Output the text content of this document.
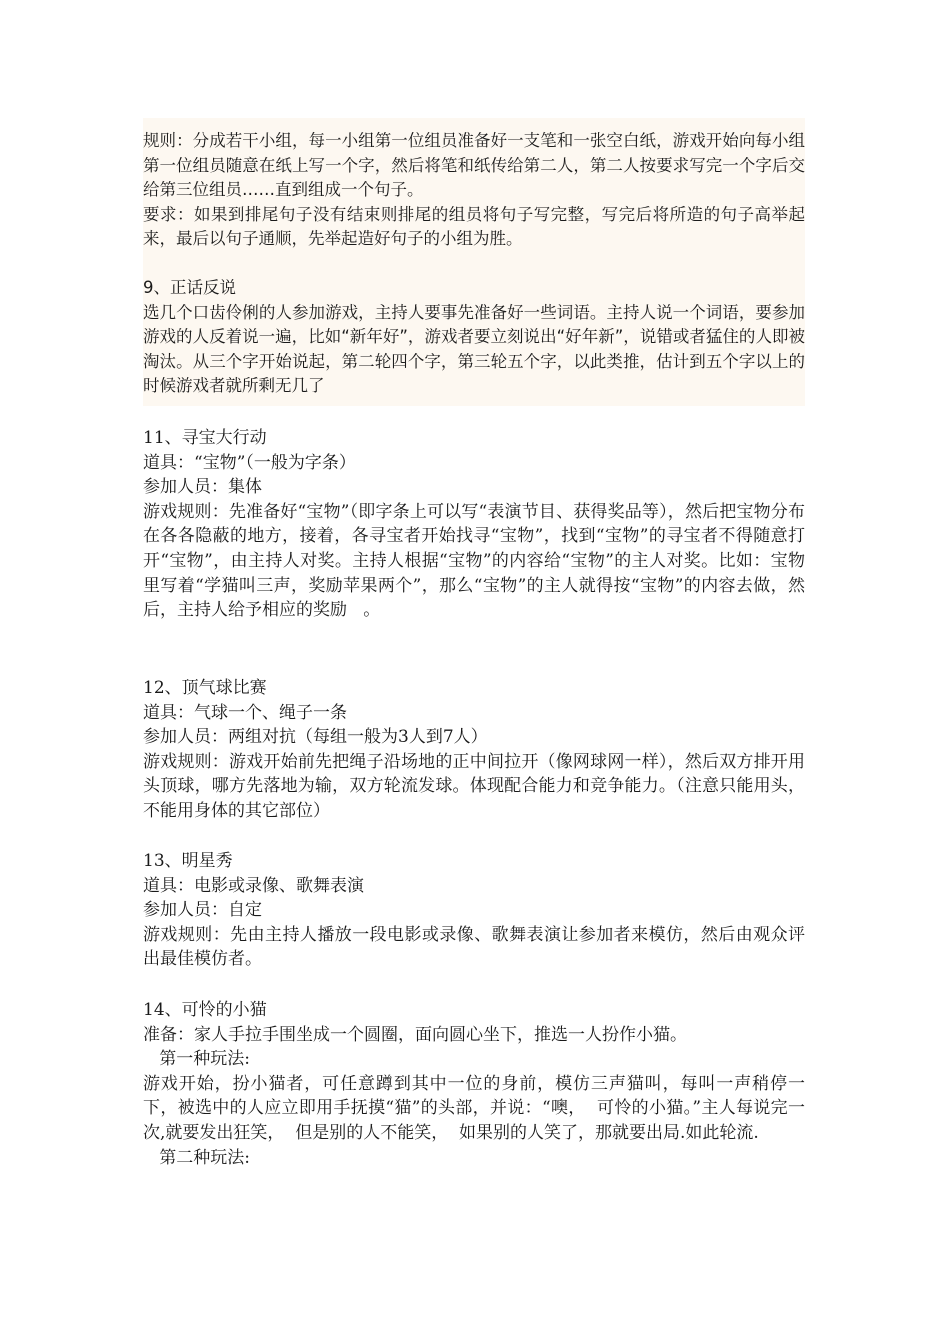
规则：分成若干小组，每一小组第一位组员准备好一支笔和一张空白纸，游戏开始向每小组第一位组员随意在纸上写一个字，然后将笔和纸传给第二人，第二人按要求写完一个字后交给第三位组员……直到组成一个句子。

要求：如果到排尾句子没有结束则排尾的组员将句子写完整，写完后将所造的句子高举起来，最后以句子通顺，先举起造好句子的小组为胜。

9、正话反说

选几个口齿伶俐的人参加游戏，主持人要事先准备好一些词语。主持人说一个词语，要参加游戏的人反着说一遍，比如“新年好”，游戏者要立刻说出“好年新”，说错或者猛住的人即被淘汰。从三个字开始说起，第二轮四个字，第三轮五个字，以此类推，估计到五个字以上的时候游戏者就所剩无几了

11、寻宝大行动

道具：“宝物”（一般为字条）

参加人员：集体

游戏规则：先准备好“宝物”（即字条上可以写“表演节目、获得奖品等），然后把宝物分布在各各隐蔽的地方，接着，各寻宝者开始找寻“宝物”，找到“宝物”的寻宝者不得随意打开“宝物”，由主持人对奖。主持人根据“宝物”的内容给“宝物”的主人对奖。比如：宝物里写着“学猫叫三声，奖励苹果两个”，那么“宝物”的主人就得按“宝物”的内容去做，然后，主持人给予相应的奖励   。

12、顶气球比赛

道具：气球一个、绳子一条

参加人员：两组对抗（每组一般为3人到7人）

游戏规则：游戏开始前先把绳子沿场地的正中间拉开（像网球网一样），然后双方排开用头顶球，哪方先落地为输，双方轮流发球。体现配合能力和竞争能力。（注意只能用头，不能用身体的其它部位）

13、明星秀

道具：电影或录像、歌舞表演

参加人员：自定

游戏规则：先由主持人播放一段电影或录像、歌舞表演让参加者来模仿，然后由观众评出最佳模仿者。

14、可怜的小猫

准备：家人手拉手围坐成一个圆圈，面向圆心坐下，推选一人扮作小猫。

第一种玩法:

游戏开始，扮小猫者，可任意蹲到其中一位的身前，模仿三声猫叫，每叫一声稍停一下，被选中的人应立即用手抚摸“猫”的头部，并说：“噢，  可怜的小猫。”主人每说完一次,就要发出狂笑，  但是别的人不能笑，  如果别的人笑了，那就要出局.如此轮流.

第二种玩法:
